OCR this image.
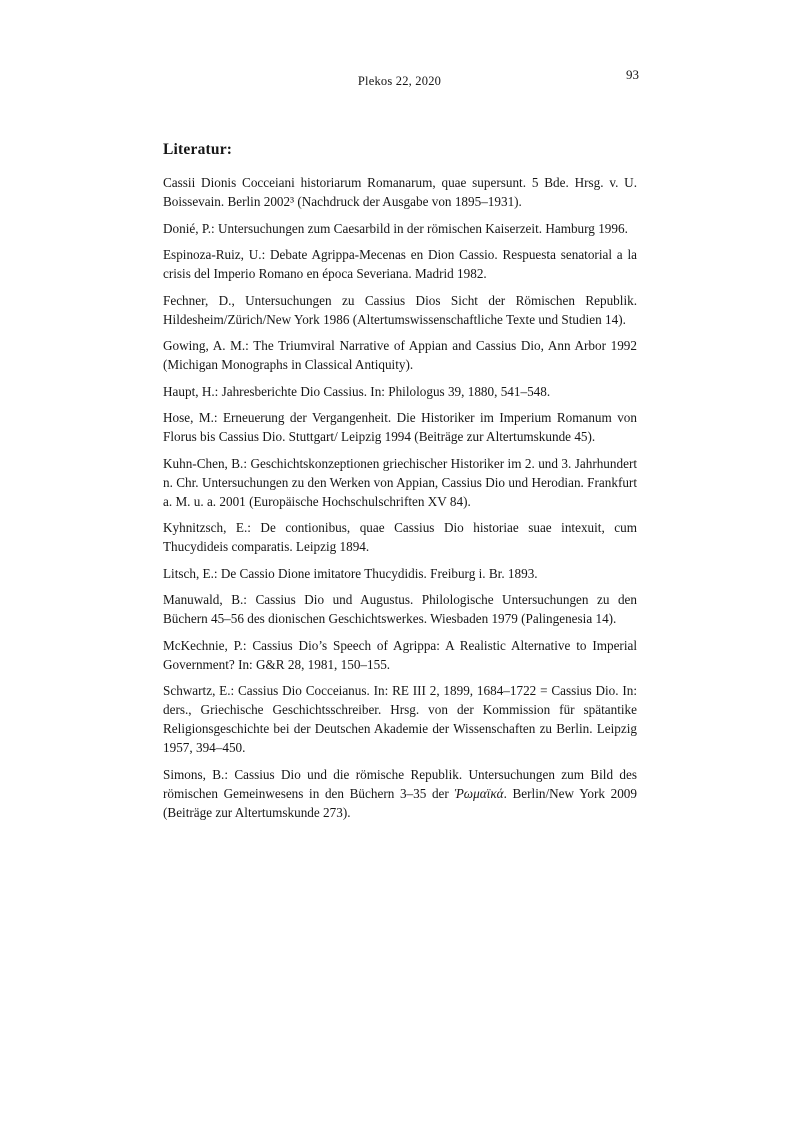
Plekos 22, 2020	93
Literatur:

Cassii Dionis Cocceiani historiarum Romanarum, quae supersunt. 5 Bde. Hrsg. v. U. Boissevain. Berlin 2002³ (Nachdruck der Ausgabe von 1895–1931).

Donié, P.: Untersuchungen zum Caesarbild in der römischen Kaiserzeit. Hamburg 1996.

Espinoza-Ruiz, U.: Debate Agrippa-Mecenas en Dion Cassio. Respuesta senatorial a la crisis del Imperio Romano en época Severiana. Madrid 1982.

Fechner, D., Untersuchungen zu Cassius Dios Sicht der Römischen Republik. Hildesheim/Zürich/New York 1986 (Altertumswissenschaftliche Texte und Studien 14).

Gowing, A. M.: The Triumviral Narrative of Appian and Cassius Dio, Ann Arbor 1992 (Michigan Monographs in Classical Antiquity).

Haupt, H.: Jahresberichte Dio Cassius. In: Philologus 39, 1880, 541–548.

Hose, M.: Erneuerung der Vergangenheit. Die Historiker im Imperium Romanum von Florus bis Cassius Dio. Stuttgart/ Leipzig 1994 (Beiträge zur Altertumskunde 45).

Kuhn-Chen, B.: Geschichtskonzeptionen griechischer Historiker im 2. und 3. Jahrhundert n. Chr. Untersuchungen zu den Werken von Appian, Cassius Dio und Herodian. Frankfurt a. M. u. a. 2001 (Europäische Hochschulschriften XV 84).

Kyhnitzsch, E.: De contionibus, quae Cassius Dio historiae suae intexuit, cum Thucydideis comparatis. Leipzig 1894.

Litsch, E.: De Cassio Dione imitatore Thucydidis. Freiburg i. Br. 1893.

Manuwald, B.: Cassius Dio und Augustus. Philologische Untersuchungen zu den Büchern 45–56 des dionischen Geschichtswerkes. Wiesbaden 1979 (Palingenesia 14).

McKechnie, P.: Cassius Dio’s Speech of Agrippa: A Realistic Alternative to Imperial Government? In: G&R 28, 1981, 150–155.

Schwartz, E.: Cassius Dio Cocceianus. In: RE III 2, 1899, 1684–1722 = Cassius Dio. In: ders., Griechische Geschichtsschreiber. Hrsg. von der Kommission für spätantike Religionsgeschichte bei der Deutschen Akademie der Wissenschaften zu Berlin. Leipzig 1957, 394–450.

Simons, B.: Cassius Dio und die römische Republik. Untersuchungen zum Bild des römischen Gemeinwesens in den Büchern 3–35 der Ῥωμαϊκά. Berlin/New York 2009 (Beiträge zur Altertumskunde 273).
